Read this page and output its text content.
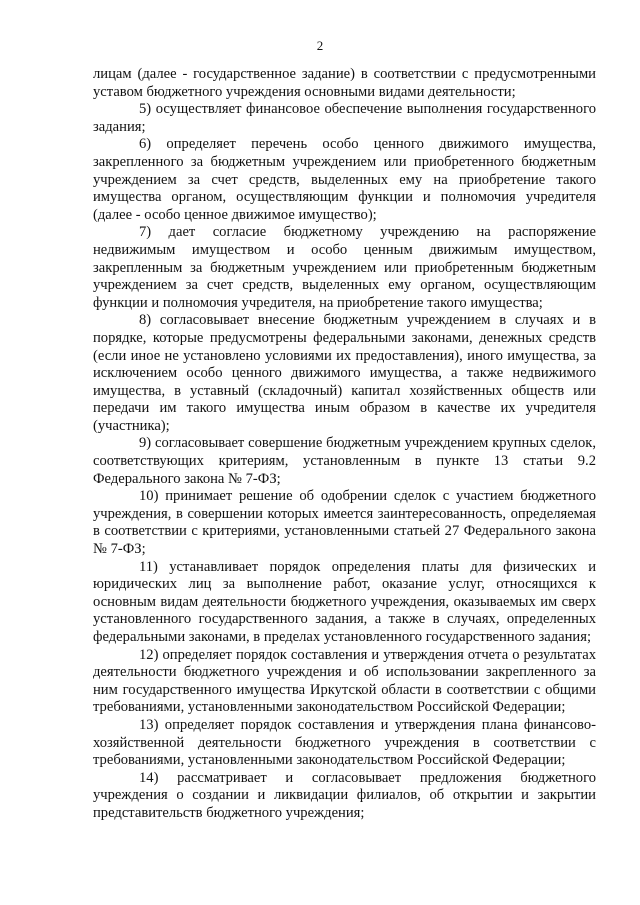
2

лицам (далее - государственное задание) в соответствии с предусмотренными уставом бюджетного учреждения основными видами деятельности;

5) осуществляет финансовое обеспечение выполнения государственного задания;

6) определяет перечень особо ценного движимого имущества, закрепленного за бюджетным учреждением или приобретенного бюджетным учреждением за счет средств, выделенных ему на приобретение такого имущества органом, осуществляющим функции и полномочия учредителя (далее - особо ценное движимое имущество);

7) дает согласие бюджетному учреждению на распоряжение недвижимым имуществом и особо ценным движимым имуществом, закрепленным за бюджетным учреждением или приобретенным бюджетным учреждением за счет средств, выделенных ему органом, осуществляющим функции и полномочия учредителя, на приобретение такого имущества;

8) согласовывает внесение бюджетным учреждением в случаях и в порядке, которые предусмотрены федеральными законами, денежных средств (если иное не установлено условиями их предоставления), иного имущества, за исключением особо ценного движимого имущества, а также недвижимого имущества, в уставный (складочный) капитал хозяйственных обществ или передачи им такого имущества иным образом в качестве их учредителя (участника);

9) согласовывает совершение бюджетным учреждением крупных сделок, соответствующих критериям, установленным в пункте 13 статьи 9.2 Федерального закона № 7-ФЗ;

10) принимает решение об одобрении сделок с участием бюджетного учреждения, в совершении которых имеется заинтересованность, определяемая в соответствии с критериями, установленными статьей 27 Федерального закона № 7-ФЗ;

11) устанавливает порядок определения платы для физических и юридических лиц за выполнение работ, оказание услуг, относящихся к основным видам деятельности бюджетного учреждения, оказываемых им сверх установленного государственного задания, а также в случаях, определенных федеральными законами, в пределах установленного государственного задания;

12) определяет порядок составления и утверждения отчета о результатах деятельности бюджетного учреждения и об использовании закрепленного за ним государственного имущества Иркутской области в соответствии с общими требованиями, установленными законодательством Российской Федерации;

13) определяет порядок составления и утверждения плана финансово-хозяйственной деятельности бюджетного учреждения в соответствии с требованиями, установленными законодательством Российской Федерации;

14) рассматривает и согласовывает предложения бюджетного учреждения о создании и ликвидации филиалов, об открытии и закрытии представительств бюджетного учреждения;
